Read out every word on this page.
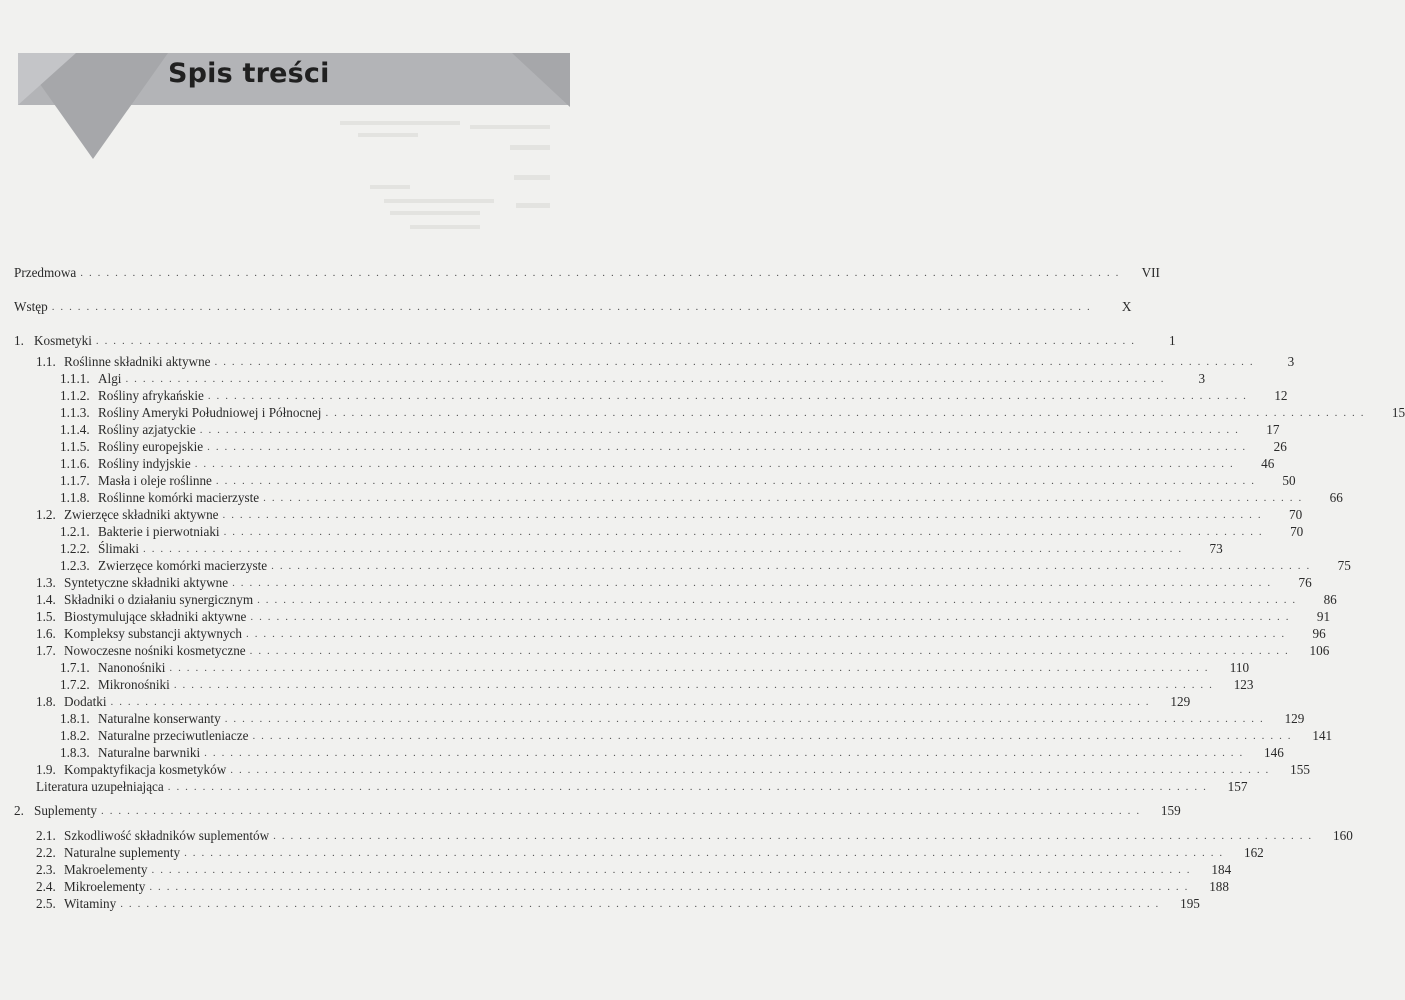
Spis treści
Przedmowa . . . . . . . . . . . . . . . . . . . . . . . . . . . . . . . . . . . . . . . . . . . . . . . . . . . . . . . . . . . . . . . . . . . . . . . . . . . . . . . . . . . . . . . . . . . . . . . . . . . . . . . . . . . . . . . . . . . . . . . .	VII
Wstęp . . . . . . . . . . . . . . . . . . . . . . . . . . . . . . . . . . . . . . . . . . . . . . . . . . . . . . . . . . . . . . . . . . . . . . . . . . . . . . . . . . . . . . . . . . . . . . . . . . . . . . . . . . . . . . . . . . . . . . . .	X
1. Kosmetyki . . . . . . . . . . . . . . . . . . . . . . . . . . . . . . . . . . . . . . . . . . . . . . . . . . . . . . . . . . . . . . . . . . . . . . . . . . . . . . . . . . . . . . . . . . . . . . . . . . . . . . . . . . . . . . . . . . . . . . . .	1
1.1. Roślinne składniki aktywne . . . . . . . . . . . . . . . . . . . . . . . . . . . . . . . . . . . . . . . . . . . . . . . . . . . . . . . . . . . . . . . . . . . . . . . . . . . . . . . . . . . . . . . . . . . . . . . . . . . . . . . . . . . . . . . . . . . . . . . .	3
1.1.1. Algi . . . . . . . . . . . . . . . . . . . . . . . . . . . . . . . . . . . . . . . . . . . . . . . . . . . . . . . . . . . . . . . . . . . . . . . . . . . . . . . . . . . . . . . . . . . . . . . . . . . . . . . . . . . . . . . . . . . . . . . .	3
1.1.2. Rośliny afrykańskie . . . . . . . . . . . . . . . . . . . . . . . . . . . . . . . . . . . . . . . . . . . . . . . . . . . . . . . . . . . . . . . . . . . . . . . . . . . . . . . . . . . . . . . . . . . . . . . . . . . . . . . . . . . . . . . . . . . . . . . .	12
1.1.3. Rośliny Ameryki Południowej i Północnej . . . . . . . . . . . . . . . . . . . . . . . . . . . . . . . . . . . . . . . . . . . . . . . . . . . . . . . . . . . . . . . . . . . . . . . . . . . . . . . . . . . . . . . . . . . . . . . . . . . . . . . . . . . . . . . . . . . . . . . .	15
1.1.4. Rośliny azjatyckie . . . . . . . . . . . . . . . . . . . . . . . . . . . . . . . . . . . . . . . . . . . . . . . . . . . . . . . . . . . . . . . . . . . . . . . . . . . . . . . . . . . . . . . . . . . . . . . . . . . . . . . . . . . . . . . . . . . . . . . .	17
1.1.5. Rośliny europejskie . . . . . . . . . . . . . . . . . . . . . . . . . . . . . . . . . . . . . . . . . . . . . . . . . . . . . . . . . . . . . . . . . . . . . . . . . . . . . . . . . . . . . . . . . . . . . . . . . . . . . . . . . . . . . . . . . . . . . . . .	26
1.1.6. Rośliny indyjskie . . . . . . . . . . . . . . . . . . . . . . . . . . . . . . . . . . . . . . . . . . . . . . . . . . . . . . . . . . . . . . . . . . . . . . . . . . . . . . . . . . . . . . . . . . . . . . . . . . . . . . . . . . . . . . . . . . . . . . . .	46
1.1.7. Masła i oleje roślinne . . . . . . . . . . . . . . . . . . . . . . . . . . . . . . . . . . . . . . . . . . . . . . . . . . . . . . . . . . . . . . . . . . . . . . . . . . . . . . . . . . . . . . . . . . . . . . . . . . . . . . . . . . . . . . . . . . . . . . . .	50
1.1.8. Roślinne komórki macierzyste . . . . . . . . . . . . . . . . . . . . . . . . . . . . . . . . . . . . . . . . . . . . . . . . . . . . . . . . . . . . . . . . . . . . . . . . . . . . . . . . . . . . . . . . . . . . . . . . . . . . . . . . . . . . . . . . . . . . . . . .	66
1.2. Zwierzęce składniki aktywne . . . . . . . . . . . . . . . . . . . . . . . . . . . . . . . . . . . . . . . . . . . . . . . . . . . . . . . . . . . . . . . . . . . . . . . . . . . . . . . . . . . . . . . . . . . . . . . . . . . . . . . . . . . . . . . . . . . . . . . .	70
1.2.1. Bakterie i pierwotniaki . . . . . . . . . . . . . . . . . . . . . . . . . . . . . . . . . . . . . . . . . . . . . . . . . . . . . . . . . . . . . . . . . . . . . . . . . . . . . . . . . . . . . . . . . . . . . . . . . . . . . . . . . . . . . . . . . . . . . . . .	70
1.2.2. Ślimaki . . . . . . . . . . . . . . . . . . . . . . . . . . . . . . . . . . . . . . . . . . . . . . . . . . . . . . . . . . . . . . . . . . . . . . . . . . . . . . . . . . . . . . . . . . . . . . . . . . . . . . . . . . . . . . . . . . . . . . . .	73
1.2.3. Zwierzęce komórki macierzyste . . . . . . . . . . . . . . . . . . . . . . . . . . . . . . . . . . . . . . . . . . . . . . . . . . . . . . . . . . . . . . . . . . . . . . . . . . . . . . . . . . . . . . . . . . . . . . . . . . . . . . . . . . . . . . . . . . . . . . . .	75
1.3. Syntetyczne składniki aktywne . . . . . . . . . . . . . . . . . . . . . . . . . . . . . . . . . . . . . . . . . . . . . . . . . . . . . . . . . . . . . . . . . . . . . . . . . . . . . . . . . . . . . . . . . . . . . . . . . . . . . . . . . . . . . . . . . . . . . . . .	76
1.4. Składniki o działaniu synergicznym . . . . . . . . . . . . . . . . . . . . . . . . . . . . . . . . . . . . . . . . . . . . . . . . . . . . . . . . . . . . . . . . . . . . . . . . . . . . . . . . . . . . . . . . . . . . . . . . . . . . . . . . . . . . . . . . . . . . . . . .	86
1.5. Biostymulujące składniki aktywne . . . . . . . . . . . . . . . . . . . . . . . . . . . . . . . . . . . . . . . . . . . . . . . . . . . . . . . . . . . . . . . . . . . . . . . . . . . . . . . . . . . . . . . . . . . . . . . . . . . . . . . . . . . . . . . . . . . . . . . .	91
1.6. Kompleksy substancji aktywnych . . . . . . . . . . . . . . . . . . . . . . . . . . . . . . . . . . . . . . . . . . . . . . . . . . . . . . . . . . . . . . . . . . . . . . . . . . . . . . . . . . . . . . . . . . . . . . . . . . . . . . . . . . . . . . . . . . . . . . . .	96
1.7. Nowoczesne nośniki kosmetyczne . . . . . . . . . . . . . . . . . . . . . . . . . . . . . . . . . . . . . . . . . . . . . . . . . . . . . . . . . . . . . . . . . . . . . . . . . . . . . . . . . . . . . . . . . . . . . . . . . . . . . . . . . . . . . . . . . . . . . . . .	106
1.7.1. Nanonośniki . . . . . . . . . . . . . . . . . . . . . . . . . . . . . . . . . . . . . . . . . . . . . . . . . . . . . . . . . . . . . . . . . . . . . . . . . . . . . . . . . . . . . . . . . . . . . . . . . . . . . . . . . . . . . . . . . . . . . . . .	110
1.7.2. Mikronośniki . . . . . . . . . . . . . . . . . . . . . . . . . . . . . . . . . . . . . . . . . . . . . . . . . . . . . . . . . . . . . . . . . . . . . . . . . . . . . . . . . . . . . . . . . . . . . . . . . . . . . . . . . . . . . . . . . . . . . . . .	123
1.8. Dodatki . . . . . . . . . . . . . . . . . . . . . . . . . . . . . . . . . . . . . . . . . . . . . . . . . . . . . . . . . . . . . . . . . . . . . . . . . . . . . . . . . . . . . . . . . . . . . . . . . . . . . . . . . . . . . . . . . . . . . . . .	129
1.8.1. Naturalne konserwanty . . . . . . . . . . . . . . . . . . . . . . . . . . . . . . . . . . . . . . . . . . . . . . . . . . . . . . . . . . . . . . . . . . . . . . . . . . . . . . . . . . . . . . . . . . . . . . . . . . . . . . . . . . . . . . . . . . . . . . . .	129
1.8.2. Naturalne przeciwutleniacze . . . . . . . . . . . . . . . . . . . . . . . . . . . . . . . . . . . . . . . . . . . . . . . . . . . . . . . . . . . . . . . . . . . . . . . . . . . . . . . . . . . . . . . . . . . . . . . . . . . . . . . . . . . . . . . . . . . . . . . .	141
1.8.3. Naturalne barwniki . . . . . . . . . . . . . . . . . . . . . . . . . . . . . . . . . . . . . . . . . . . . . . . . . . . . . . . . . . . . . . . . . . . . . . . . . . . . . . . . . . . . . . . . . . . . . . . . . . . . . . . . . . . . . . . . . . . . . . . .	146
1.9. Kompaktyfikacja kosmetyków . . . . . . . . . . . . . . . . . . . . . . . . . . . . . . . . . . . . . . . . . . . . . . . . . . . . . . . . . . . . . . . . . . . . . . . . . . . . . . . . . . . . . . . . . . . . . . . . . . . . . . . . . . . . . . . . . . . . . . . .	155
Literatura uzupełniająca . . . . . . . . . . . . . . . . . . . . . . . . . . . . . . . . . . . . . . . . . . . . . . . . . . . . . . . . . . . . . . . . . . . . . . . . . . . . . . . . . . . . . . . . . . . . . . . . . . . . . . . . . . . . . . . . . . . . . . . .	157
2. Suplementy . . . . . . . . . . . . . . . . . . . . . . . . . . . . . . . . . . . . . . . . . . . . . . . . . . . . . . . . . . . . . . . . . . . . . . . . . . . . . . . . . . . . . . . . . . . . . . . . . . . . . . . . . . . . . . . . . . . . . . . .	159
2.1. Szkodliwość składników suplementów . . . . . . . . . . . . . . . . . . . . . . . . . . . . . . . . . . . . . . . . . . . . . . . . . . . . . . . . . . . . . . . . . . . . . . . . . . . . . . . . . . . . . . . . . . . . . . . . . . . . . . . . . . . . . . . . . . . . . . . .	160
2.2. Naturalne suplementy . . . . . . . . . . . . . . . . . . . . . . . . . . . . . . . . . . . . . . . . . . . . . . . . . . . . . . . . . . . . . . . . . . . . . . . . . . . . . . . . . . . . . . . . . . . . . . . . . . . . . . . . . . . . . . . . . . . . . . . .	162
2.3. Makroelementy . . . . . . . . . . . . . . . . . . . . . . . . . . . . . . . . . . . . . . . . . . . . . . . . . . . . . . . . . . . . . . . . . . . . . . . . . . . . . . . . . . . . . . . . . . . . . . . . . . . . . . . . . . . . . . . . . . . . . . . .	184
2.4. Mikroelementy . . . . . . . . . . . . . . . . . . . . . . . . . . . . . . . . . . . . . . . . . . . . . . . . . . . . . . . . . . . . . . . . . . . . . . . . . . . . . . . . . . . . . . . . . . . . . . . . . . . . . . . . . . . . . . . . . . . . . . . .	188
2.5. Witaminy . . . . . . . . . . . . . . . . . . . . . . . . . . . . . . . . . . . . . . . . . . . . . . . . . . . . . . . . . . . . . . . . . . . . . . . . . . . . . . . . . . . . . . . . . . . . . . . . . . . . . . . . . . . . . . . . . . . . . . . .	195
